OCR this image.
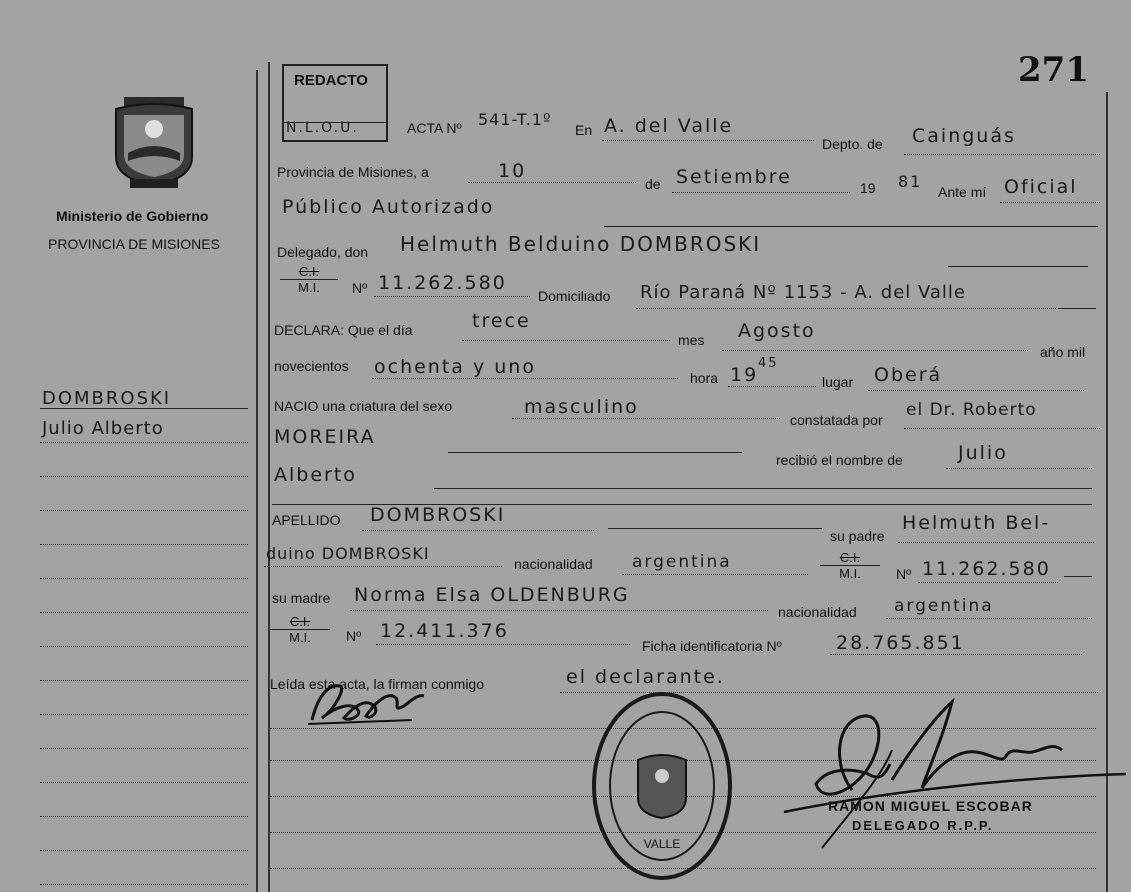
271
Ministerio de Gobierno
PROVINCIA DE MISIONES
DOMBROSKI
Julio Alberto
REDACTO
N.L.O.U.	ACTA Nº 541-T.1º
En A. del Valle
Depto. de Cainguás
Provincia de Misiones, a	10
de Setiembre	19 81
Ante mí Oficial
Público Autorizado
Delegado, don Helmuth Belduino DOMBROSKI
$\frac{C.I.}{M.I.}$ Nº 11.262.580
Domiciliado Río Paraná Nº 1153 - A. del Valle
DECLARA: Que el día	trece
mes Agosto
año mil
novecientos ochenta y uno	hora 19
45
lugar Oberá
NACIO una criatura del sexo	masculino
constatada por el Dr. Roberto
MOREIRA
recibió el nombre de	Julio
Alberto
APELLIDO DOMBROSKI
su padre
Helmuth Bel-
duino DOMBROSKI
nacionalidad argentina	$\frac{C.I.}{M.I.}$ Nº 11.262.580
su madre Norma Elsa OLDENBURG
nacionalidad argentina
$\frac{C.I.}{M.I.}$ Nº 12.411.376
Ficha identificatoria Nº	28.765.851
Leída esta acta, la firman conmigo	el declarante.
VALLE
RAMON MIGUEL ESCOBAR
DELEGADO R.P.P.
